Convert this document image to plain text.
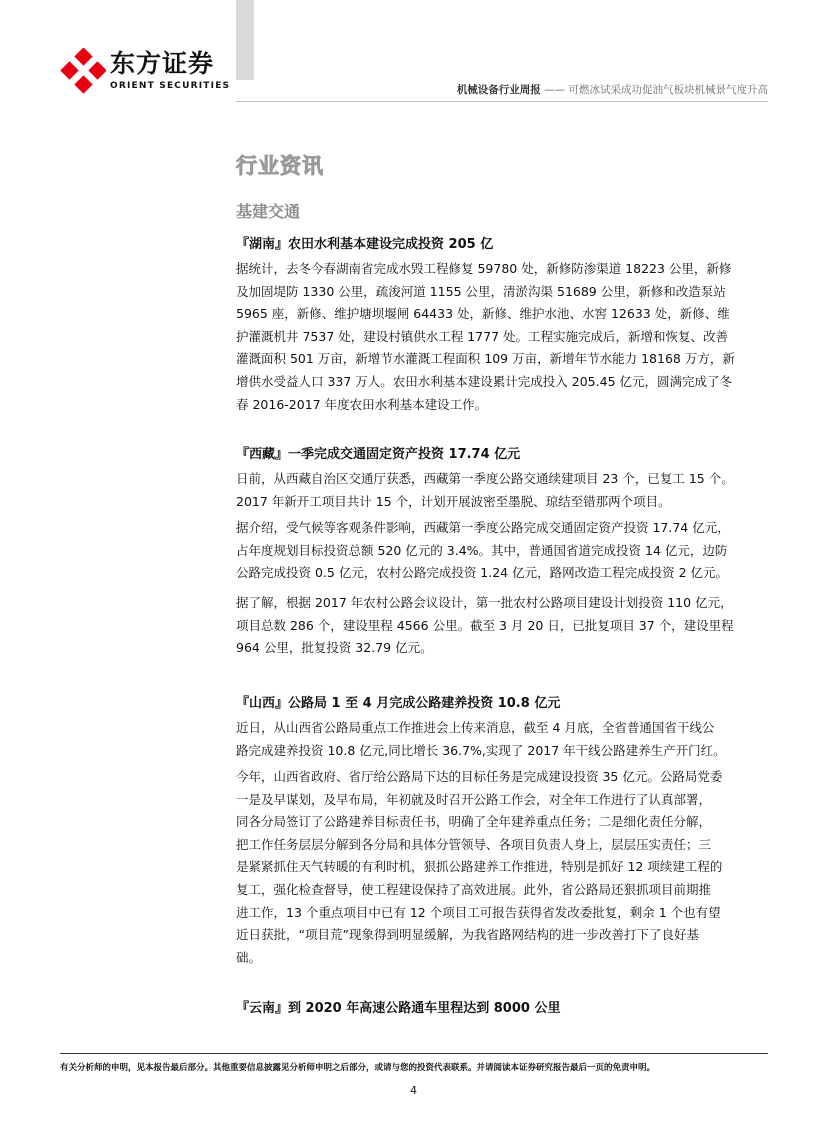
东方证券
ORIENT SECURITIES	机械设备行业周报 —— 可燃冰试采成功促油气板块机械景气度升高
行业资讯
基建交通
『湖南』农田水利基本建设完成投资 205 亿
据统计，去冬今春湖南省完成水毁工程修复 59780 处，新修防渗渠道 18223 公里，新修
及加固堤防 1330 公里，疏浚河道 1155 公里，清淤沟渠 51689 公里，新修和改造泵站
5965 座，新修、维护塘坝堰闸 64433 处，新修、维护水池、水窖 12633 处，新修、维
护灌溉机井 7537 处，建设村镇供水工程 1777 处。工程实施完成后，新增和恢复、改善
灌溉面积 501 万亩，新增节水灌溉工程面积 109 万亩，新增年节水能力 18168 万方，新
增供水受益人口 337 万人。农田水利基本建设累计完成投入 205.45 亿元，圆满完成了冬
春 2016-2017 年度农田水利基本建设工作。
『西藏』一季完成交通固定资产投资 17.74 亿元
日前，从西藏自治区交通厅获悉，西藏第一季度公路交通续建项目 23 个，已复工 15 个。
2017 年新开工项目共计 15 个，计划开展波密至墨脱、琼结至错那两个项目。
据介绍，受气候等客观条件影响，西藏第一季度公路完成交通固定资产投资 17.74 亿元，
占年度规划目标投资总额 520 亿元的 3.4%。其中，普通国省道完成投资 14 亿元，边防
公路完成投资 0.5 亿元，农村公路完成投资 1.24 亿元，路网改造工程完成投资 2 亿元。
据了解，根据 2017 年农村公路会议设计，第一批农村公路项目建设计划投资 110 亿元，
项目总数 286 个，建设里程 4566 公里。截至 3 月 20 日，已批复项目 37 个，建设里程
964 公里，批复投资 32.79 亿元。
『山西』公路局 1 至 4 月完成公路建养投资 10.8 亿元
近日，从山西省公路局重点工作推进会上传来消息，截至 4 月底，全省普通国省干线公
路完成建养投资 10.8 亿元,同比增长 36.7%,实现了 2017 年干线公路建养生产开门红。
今年，山西省政府、省厅给公路局下达的目标任务是完成建设投资 35 亿元。公路局党委
一是及早谋划，及早布局，年初就及时召开公路工作会，对全年工作进行了认真部署，
同各分局签订了公路建养目标责任书，明确了全年建养重点任务；二是细化责任分解，
把工作任务层层分解到各分局和具体分管领导、各项目负责人身上，层层压实责任；三
是紧紧抓住天气转暖的有利时机，狠抓公路建养工作推进，特别是抓好 12 项续建工程的
复工，强化检查督导，使工程建设保持了高效进展。此外，省公路局还狠抓项目前期推
进工作，13 个重点项目中已有 12 个项目工可报告获得省发改委批复，剩余 1 个也有望
近日获批，“项目荒”现象得到明显缓解，为我省路网结构的进一步改善打下了良好基
础。
『云南』到 2020 年高速公路通车里程达到 8000 公里
有关分析师的申明，见本报告最后部分。其他重要信息披露见分析师申明之后部分，或请与您的投资代表联系。并请阅读本证券研究报告最后一页的免责申明。
4
